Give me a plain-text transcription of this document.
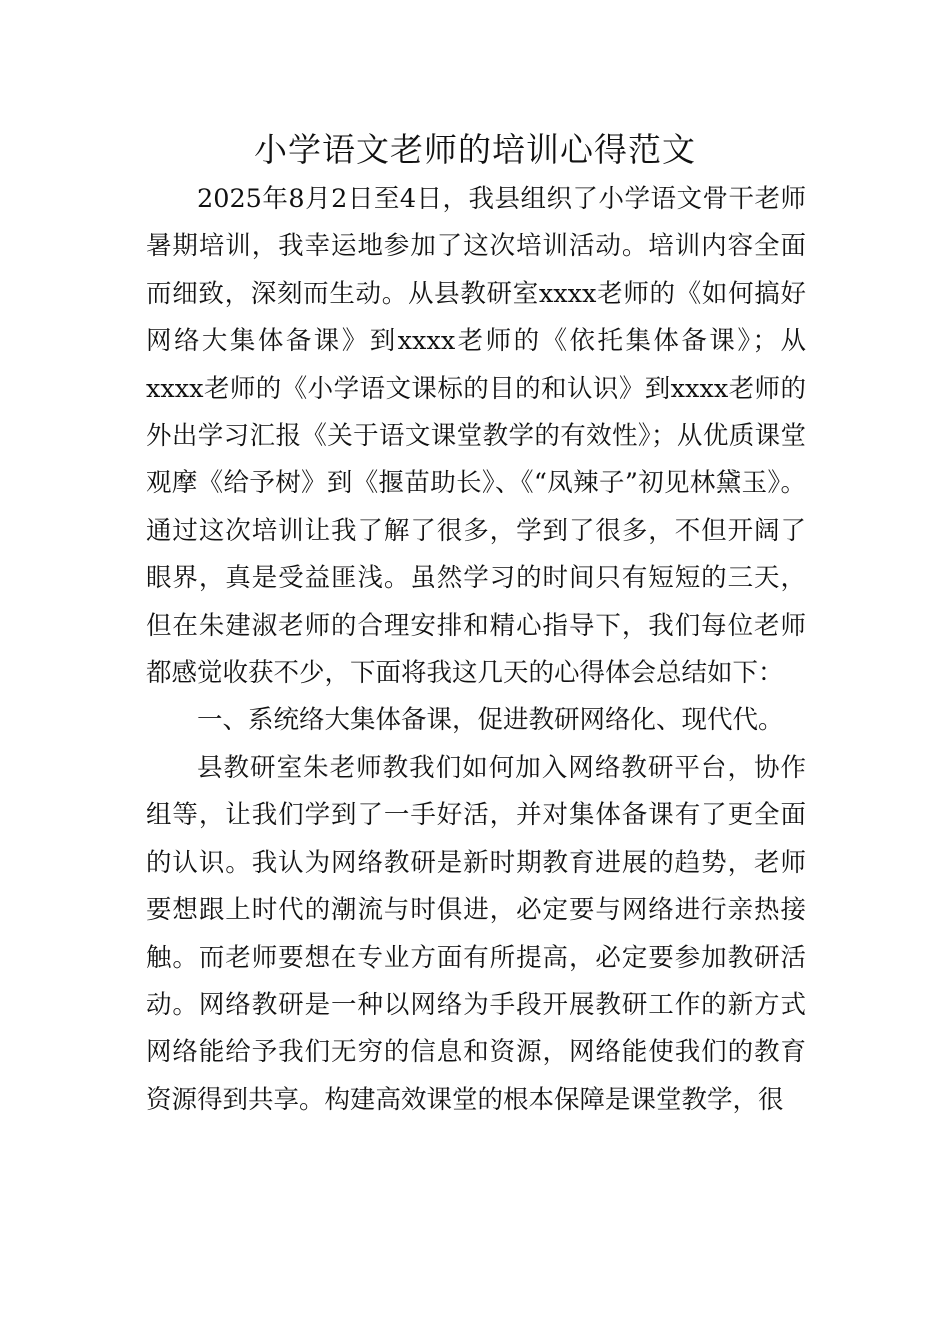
小学语文老师的培训心得范文

2025年8月2日至4日，我县组织了小学语文骨干老师暑期培训，我幸运地参加了这次培训活动。培训内容全面而细致，深刻而生动。从县教研室xxxx老师的《如何搞好网络大集体备课》到xxxx老师的《依托集体备课》；从xxxx老师的《小学语文课标的目的和认识》到xxxx老师的外出学习汇报《关于语文课堂教学的有效性》；从优质课堂观摩《给予树》到《揠苗助长》、《“凤辣子”初见林黛玉》。通过这次培训让我了解了很多，学到了很多，不但开阔了眼界，真是受益匪浅。虽然学习的时间只有短短的三天，但在朱建淑老师的合理安排和精心指导下，我们每位老师都感觉收获不少，下面将我这几天的心得体会总结如下：

一、系统络大集体备课，促进教研网络化、现代代。

县教研室朱老师教我们如何加入网络教研平台，协作组等，让我们学到了一手好活，并对集体备课有了更全面的认识。我认为网络教研是新时期教育进展的趋势，老师要想跟上时代的潮流与时俱进，必定要与网络进行亲热接触。而老师要想在专业方面有所提高，必定要参加教研活动。网络教研是一种以网络为手段开展教研工作的新方式网络能给予我们无穷的信息和资源，网络能使我们的教育资源得到共享。构建高效课堂的根本保障是课堂教学，很
